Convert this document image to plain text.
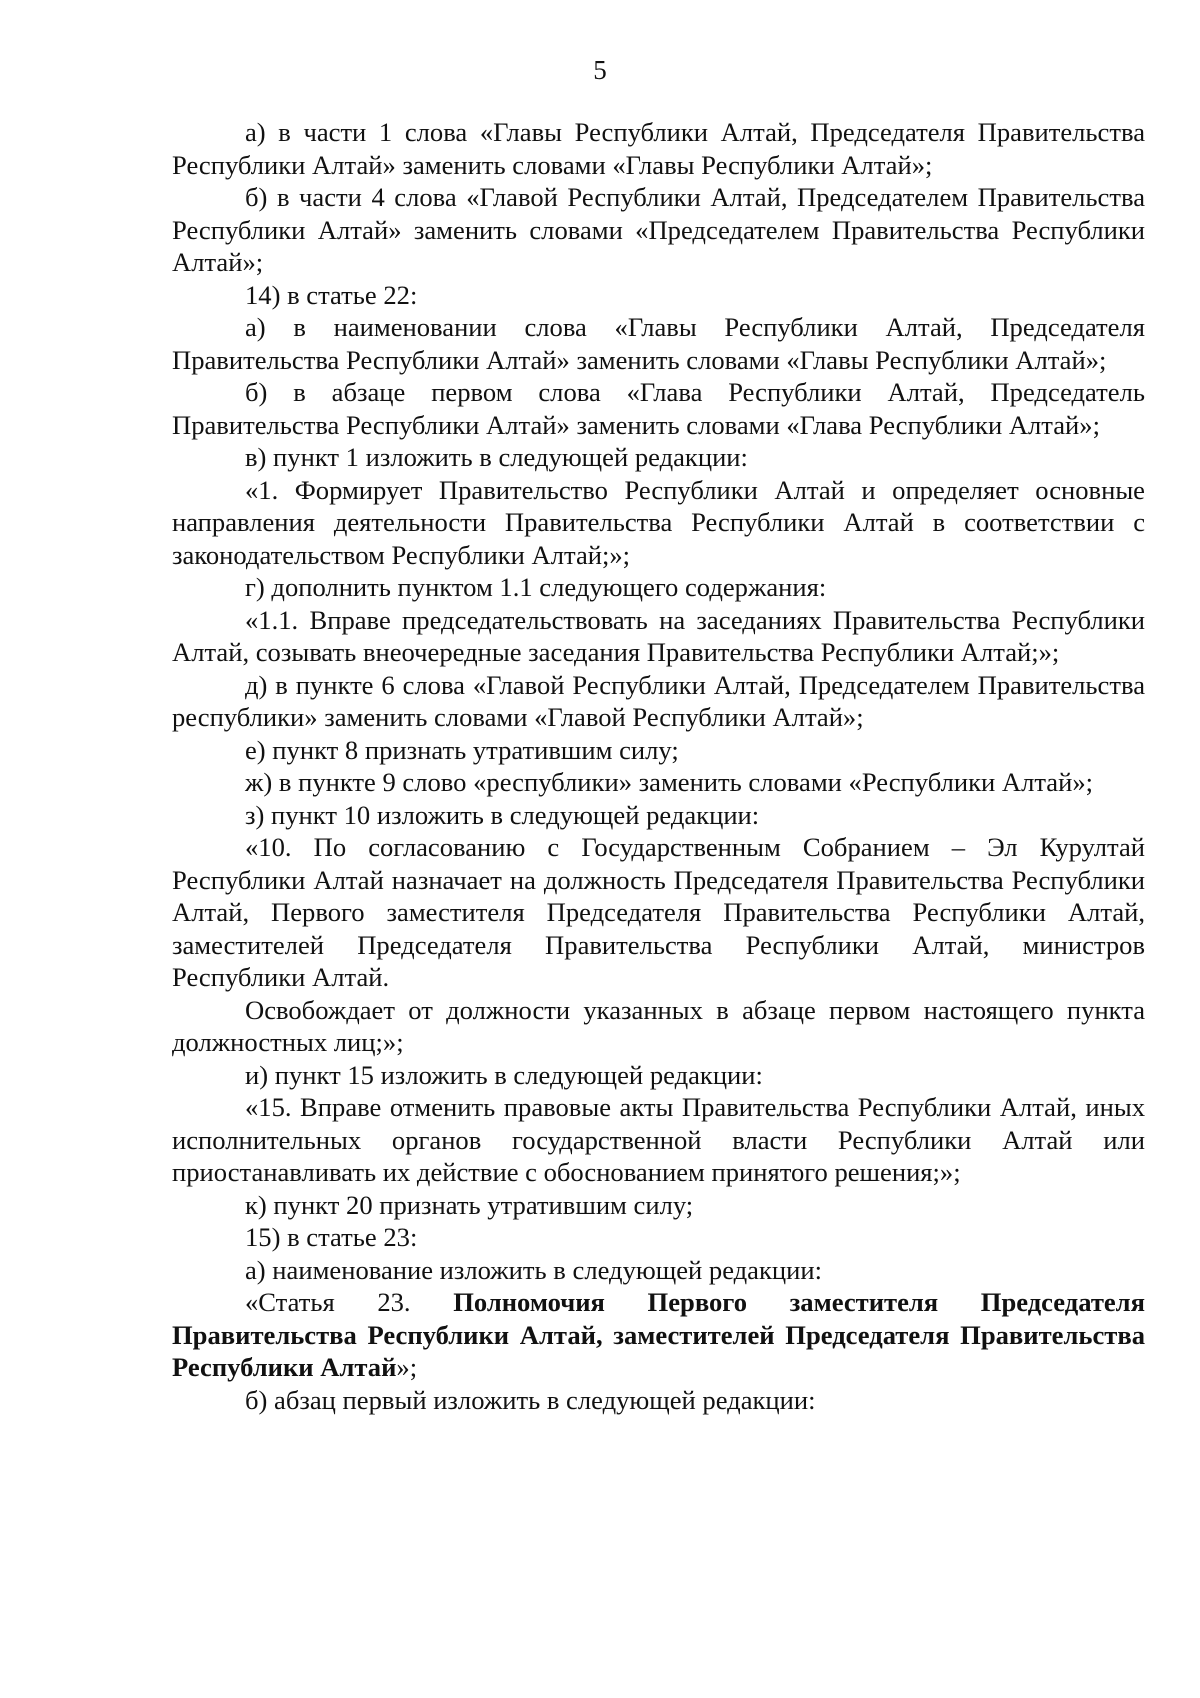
5

а) в части 1 слова «Главы Республики Алтай, Председателя Правительства Республики Алтай» заменить словами «Главы Республики Алтай»;

б) в части 4 слова «Главой Республики Алтай, Председателем Правительства Республики Алтай» заменить словами «Председателем Правительства Республики Алтай»;

14) в статье 22:

а) в наименовании слова «Главы Республики Алтай, Председателя Правительства Республики Алтай» заменить словами «Главы Республики Алтай»;

б) в абзаце первом слова «Глава Республики Алтай, Председатель Правительства Республики Алтай» заменить словами «Глава Республики Алтай»;

в) пункт 1 изложить в следующей редакции:

«1. Формирует Правительство Республики Алтай и определяет основные направления деятельности Правительства Республики Алтай в соответствии с законодательством Республики Алтай;»;

г) дополнить пунктом 1.1 следующего содержания:

«1.1. Вправе председательствовать на заседаниях Правительства Республики Алтай, созывать внеочередные заседания Правительства Республики Алтай;»;

д) в пункте 6 слова «Главой Республики Алтай, Председателем Правительства республики» заменить словами «Главой Республики Алтай»;

е) пункт 8 признать утратившим силу;

ж) в пункте 9 слово «республики» заменить словами «Республики Алтай»;

з) пункт 10 изложить в следующей редакции:

«10. По согласованию с Государственным Собранием – Эл Курултай Республики Алтай назначает на должность Председателя Правительства Республики Алтай, Первого заместителя Председателя Правительства Республики Алтай, заместителей Председателя Правительства Республики Алтай, министров Республики Алтай.

Освобождает от должности указанных в абзаце первом настоящего пункта должностных лиц;»;

и) пункт 15 изложить в следующей редакции:

«15. Вправе отменить правовые акты Правительства Республики Алтай, иных исполнительных органов государственной власти Республики Алтай или приостанавливать их действие с обоснованием принятого решения;»;

к) пункт 20 признать утратившим силу;

15) в статье 23:

а) наименование изложить в следующей редакции:

«Статья 23. Полномочия Первого заместителя Председателя Правительства Республики Алтай, заместителей Председателя Правительства Республики Алтай»;

б) абзац первый изложить в следующей редакции:
